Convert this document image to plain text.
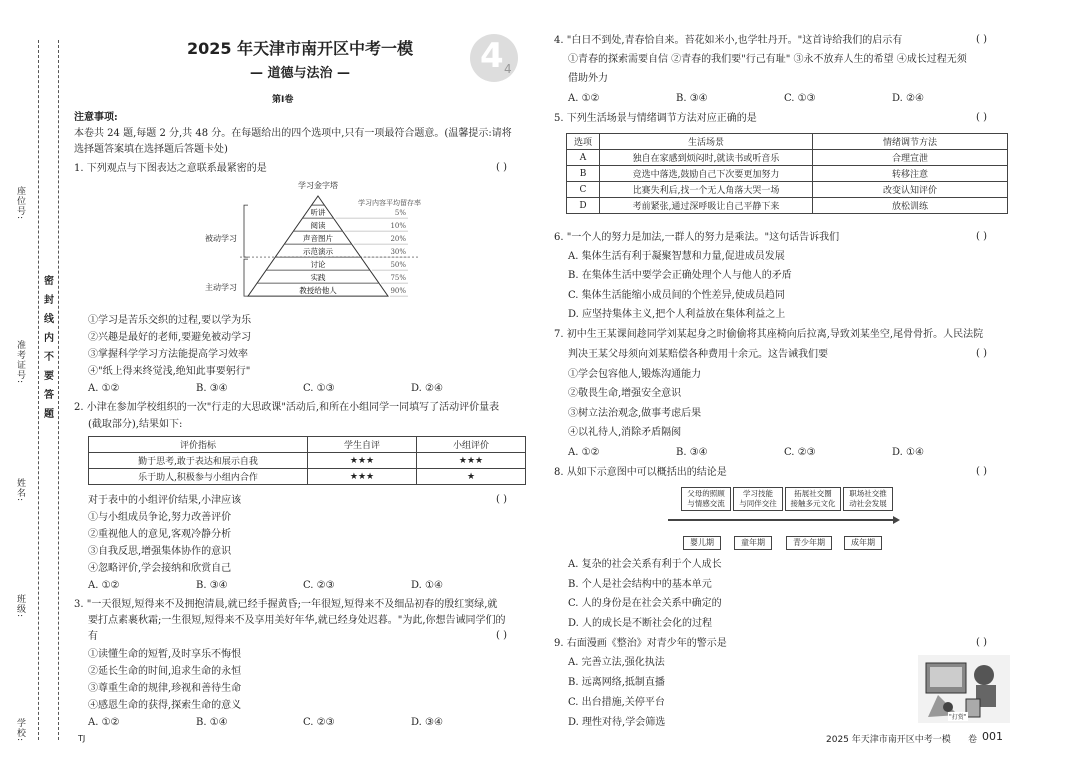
座位号:
准考证号:
姓名:
班级:
学校:
密
封
线
内
不
要
答
题
2025 年天津市南开区中考一模
— 道德与法治 —	4 4
第Ⅰ卷
注意事项:
本卷共 24 题,每题 2 分,共 48 分。在每题给出的四个选项中,只有一项最符合题意。(温馨提示:请将
选择题答案填在选择题后答题卡处)
1. 下列观点与下图表达之意联系最紧密的是	( )
学习金字塔
学习内容平均留存率
被动学习
主动学习
听讲	5%
阅读	10%
声音图片	20%
示范演示	30%
讨论	50%
实践	75%
教授给他人	90%
①学习是苦乐交织的过程,要以学为乐
②兴趣是最好的老师,要避免被动学习
③掌握科学学习方法能提高学习效率
④"纸上得来终觉浅,绝知此事要躬行"
A. ①②	B. ③④	C. ①③	D. ②④
2. 小津在参加学校组织的一次"行走的大思政课"活动后,和所在小组同学一同填写了活动评价量表
(截取部分),结果如下:
评价指标	学生自评	小组评价
勤于思考,敢于表达和展示自我	★★★	★★★
乐于助人,积极参与小组内合作	★★★	★
对于表中的小组评价结果,小津应该	( )
①与小组成员争论,努力改善评价
②重视他人的意见,客观冷静分析
③自我反思,增强集体协作的意识
④忽略评价,学会接纳和欣赏自己
A. ①②	B. ③④	C. ②③	D. ①④
3. "一天很短,短得来不及拥抱清晨,就已经手握黄昏;一年很短,短得来不及细品初春的殷红窦绿,就
要打点素裹秋霜;一生很短,短得来不及享用美好年华,就已经身处迟暮。"为此,你想告诫同学们的
有	( )
①读懂生命的短暂,及时享乐不悔恨
②延长生命的时间,追求生命的永恒
③尊重生命的规律,珍视和善待生命
④感恩生命的获得,探索生命的意义
A. ①②	B. ①④	C. ②③	D. ③④
TJ
4. "白日不到处,青春恰自来。苔花如米小,也学牡丹开。"这首诗给我们的启示有	( )
①青春的探索需要自信 ②青春的我们要"行己有耻" ③永不放弃人生的希望 ④成长过程无须
借助外力
A. ①②	B. ③④	C. ①③	D. ②④
5. 下列生活场景与情绪调节方法对应正确的是	( )
选项	生活场景	情绪调节方法
A	独自在家感到烦闷时,就读书或听音乐	合理宣泄
B	竞选中落选,鼓励自己下次要更加努力	转移注意
C	比赛失利后,找一个无人角落大哭一场	改变认知评价
D	考前紧张,通过深呼吸让自己平静下来	放松训练
6. "一个人的努力是加法,一群人的努力是乘法。"这句话告诉我们	( )
A. 集体生活有利于凝聚智慧和力量,促进成员发展
B. 在集体生活中要学会正确处理个人与他人的矛盾
C. 集体生活能缩小成员间的个性差异,使成员趋同
D. 应坚持集体主义,把个人利益放在集体利益之上
7. 初中生王某课间趁同学刘某起身之时偷偷将其座椅向后拉离,导致刘某坐空,尾骨骨折。人民法院
判决王某父母须向刘某赔偿各种费用十余元。这告诫我们要	( )
①学会包容他人,锻炼沟通能力
②敬畏生命,增强安全意识
③树立法治观念,做事考虑后果
④以礼待人,消除矛盾隔阂
A. ①②	B. ③④	C. ②③	D. ①④
8. 从如下示意图中可以概括出的结论是	( )
父母的照顾
与情感交流
学习技能
与同伴交往
拓展社交圈
接触多元文化
职场社交推
动社会发展
婴儿期	童年期	青少年期	成年期
A. 复杂的社会关系有利于个人成长
B. 个人是社会结构中的基本单元
C. 人的身份是在社会关系中确定的
D. 人的成长是不断社会化的过程
9. 右面漫画《整治》对青少年的警示是	( )
A. 完善立法,强化执法
B. 远离网络,抵制直播
C. 出台措施,关停平台
D. 理性对待,学会筛选	"打赏"
2025 年天津市南开区中考一模 卷 001
